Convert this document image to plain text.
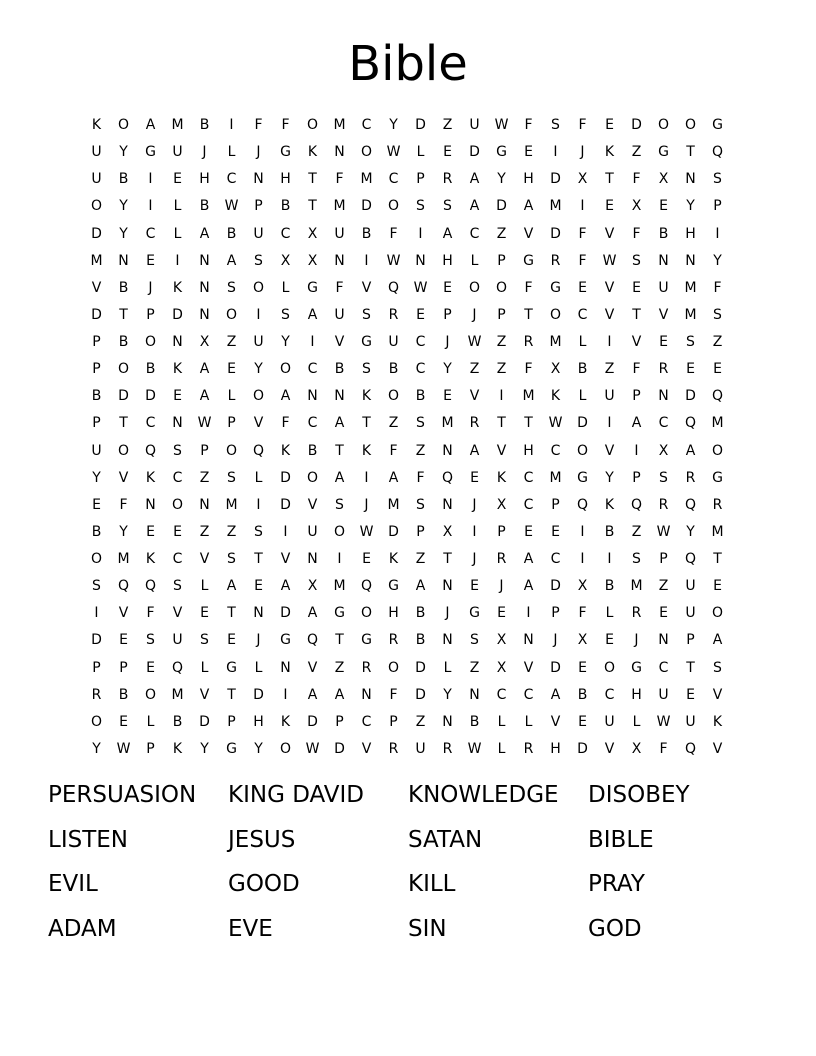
Bible
K	O	A	M	B	I	F	F	O	M	C	Y	D	Z	U	W	F	S	F	E	D	O	O	G
U	Y	G	U	J	L	J	G	K	N	O	W	L	E	D	G	E	I	J	K	Z	G	T	Q
U	B	I	E	H	C	N	H	T	F	M	C	P	R	A	Y	H	D	X	T	F	X	N	S
O	Y	I	L	B	W	P	B	T	M	D	O	S	S	A	D	A	M	I	E	X	E	Y	P
D	Y	C	L	A	B	U	C	X	U	B	F	I	A	C	Z	V	D	F	V	F	B	H	I
M	N	E	I	N	A	S	X	X	N	I	W	N	H	L	P	G	R	F	W	S	N	N	Y
V	B	J	K	N	S	O	L	G	F	V	Q	W	E	O	O	F	G	E	V	E	U	M	F
D	T	P	D	N	O	I	S	A	U	S	R	E	P	J	P	T	O	C	V	T	V	M	S
P	B	O	N	X	Z	U	Y	I	V	G	U	C	J	W	Z	R	M	L	I	V	E	S	Z
P	O	B	K	A	E	Y	O	C	B	S	B	C	Y	Z	Z	F	X	B	Z	F	R	E	E
B	D	D	E	A	L	O	A	N	N	K	O	B	E	V	I	M	K	L	U	P	N	D	Q
P	T	C	N	W	P	V	F	C	A	T	Z	S	M	R	T	T	W	D	I	A	C	Q	M
U	O	Q	S	P	O	Q	K	B	T	K	F	Z	N	A	V	H	C	O	V	I	X	A	O
Y	V	K	C	Z	S	L	D	O	A	I	A	F	Q	E	K	C	M	G	Y	P	S	R	G
E	F	N	O	N	M	I	D	V	S	J	M	S	N	J	X	C	P	Q	K	Q	R	Q	R
B	Y	E	E	Z	Z	S	I	U	O	W	D	P	X	I	P	E	E	I	B	Z	W	Y	M
O	M	K	C	V	S	T	V	N	I	E	K	Z	T	J	R	A	C	I	I	S	P	Q	T
S	Q	Q	S	L	A	E	A	X	M	Q	G	A	N	E	J	A	D	X	B	M	Z	U	E
I	V	F	V	E	T	N	D	A	G	O	H	B	J	G	E	I	P	F	L	R	E	U	O
D	E	S	U	S	E	J	G	Q	T	G	R	B	N	S	X	N	J	X	E	J	N	P	A
P	P	E	Q	L	G	L	N	V	Z	R	O	D	L	Z	X	V	D	E	O	G	C	T	S
R	B	O	M	V	T	D	I	A	A	N	F	D	Y	N	C	C	A	B	C	H	U	E	V
O	E	L	B	D	P	H	K	D	P	C	P	Z	N	B	L	L	V	E	U	L	W	U	K
Y	W	P	K	Y	G	Y	O	W	D	V	R	U	R	W	L	R	H	D	V	X	F	Q	V
PERSUASION	KING DAVID	KNOWLEDGE	DISOBEY
LISTEN	JESUS	SATAN	BIBLE
EVIL	GOOD	KILL	PRAY
ADAM	EVE	SIN	GOD
